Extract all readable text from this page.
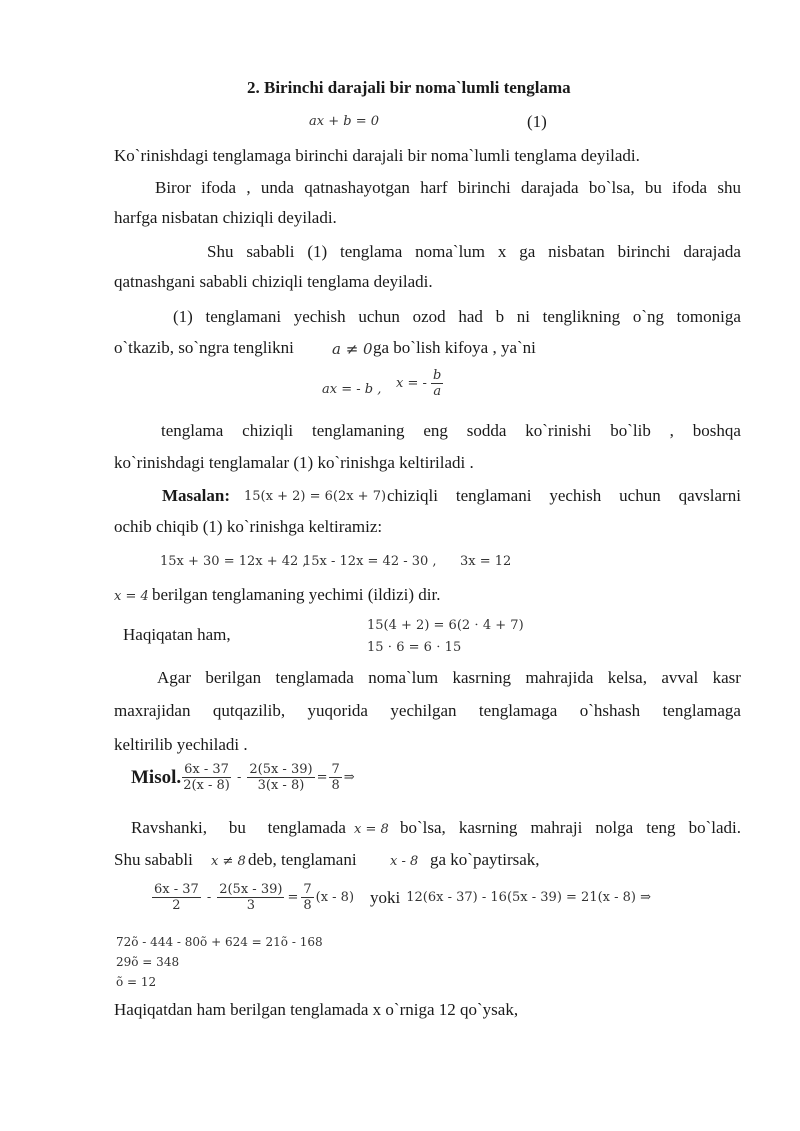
2. Birinchi darajali bir noma`lumli tenglama
ax + b = 0	(1)
Ko`rinishdagi tenglamaga birinchi darajali bir noma`lumli tenglama deyiladi.
Biror ifoda , unda qatnashayotgan harf birinchi darajada bo`lsa, bu ifoda shu
harfga nisbatan chiziqli deyiladi.
Shu sababli (1) tenglama noma`lum x ga nisbatan birinchi darajada
qatnashgani sababli chiziqli tenglama deyiladi.
(1) tenglamani yechish uchun ozod had b ni tenglikning o`ng tomoniga
o`tkazib, so`ngra tenglikni	a ≠ 0 ga bo`lish kifoya , ya`ni
ax = - b , x = - $\frac{b}{a}$
tenglama chiziqli tenglamaning eng sodda ko`rinishi bo`lib , boshqa
ko`rinishdagi tenglamalar (1) ko`rinishga keltiriladi .
Masalan: 15(x + 2) = 6(2x + 7) chiziqli tenglamani yechish uchun qavslarni
ochib chiqib (1) ko`rinishga keltiramiz:
15x + 30 = 12x + 42 ,
15x - 12x = 42 - 30 , 3x = 12
x = 4 berilgan tenglamaning yechimi (ildizi) dir.
Haqiqatan ham,	15(4 + 2) = 6(2 ⋅ 4 + 7)
15 ⋅ 6 = 6 ⋅ 15
Agar berilgan tenglamada noma`lum kasrning mahrajida kelsa, avval kasr
maxrajidan qutqazilib, yuqorida yechilgan tenglamaga o`hshash tenglamaga
keltirilib yechiladi .
Misol. $\frac{6x - 37}{2(x - 8)} - \frac{2(5x - 39)}{3(x - 8)} = \frac{7}{8}$ ⇒
Ravshanki, bu tenglamada x = 8 bo`lsa, kasrning mahraji nolga teng bo`ladi.
Shu sababli x ≠ 8 deb, tenglamani	x - 8 ga ko`paytirsak,
$\frac{6x - 37}{2} - \frac{2(5x - 39)}{3} = \frac{7}{8} (x - 8)$ yoki 12(6x - 37) - 16(5x - 39) = 21(x - 8) ⇒
72õ - 444 - 80õ + 624 = 21õ - 168
29õ = 348
õ = 12
Haqiqatdan ham berilgan tenglamada x o`rniga 12 qo`ysak,
